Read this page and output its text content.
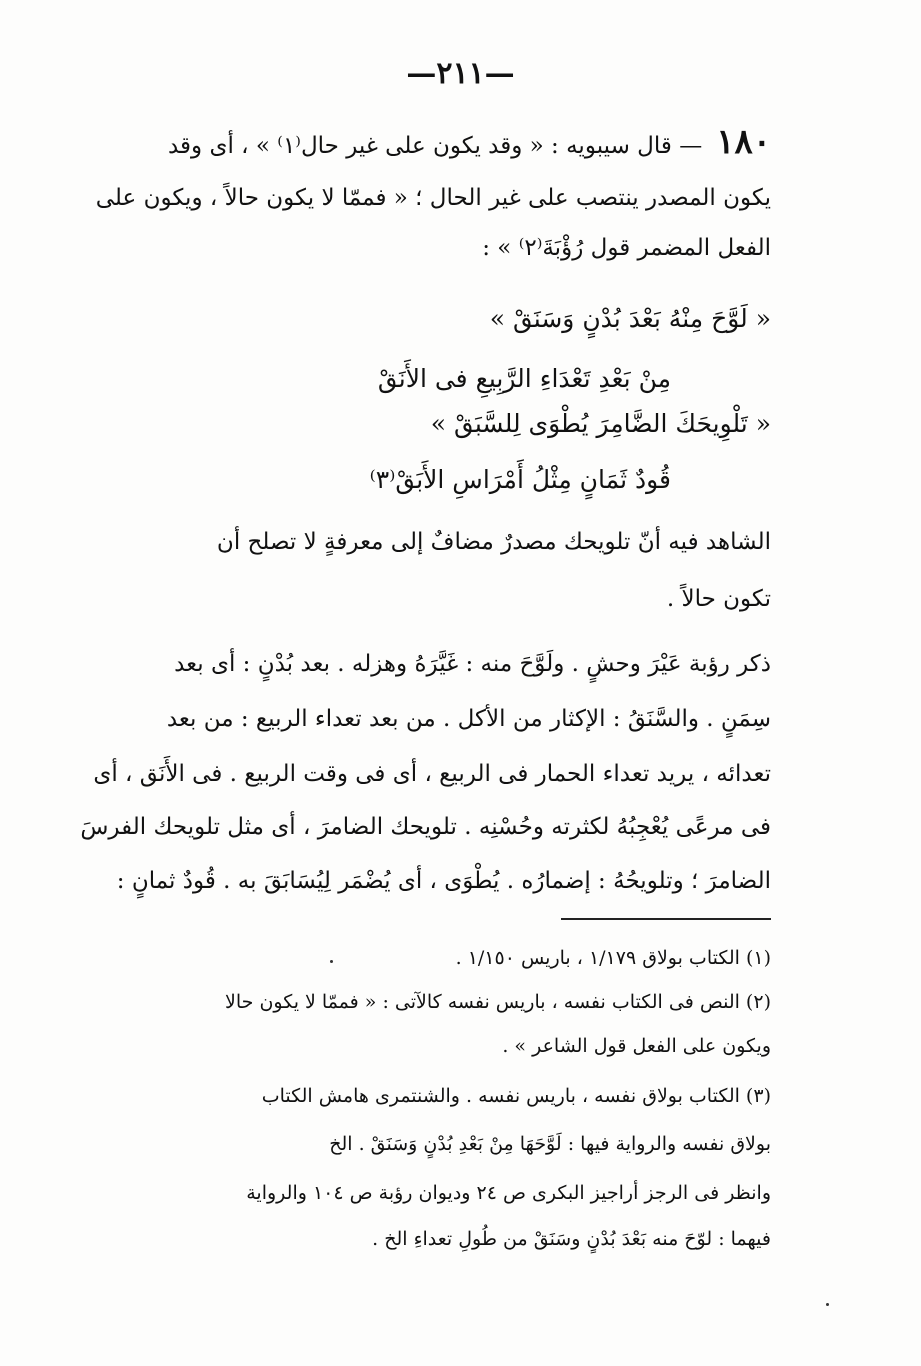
—٢١١—
١٨٠— قال سيبويه : « وقد يكون على غير حال⁽١⁾ » ، أى وقد
يكون المصدر ينتصب على غير الحال ؛ « فممّا لا يكون حالاً ، ويكون على
الفعل المضمر قول رُؤْبَةَ⁽٢⁾ » :
« لَوَّحَ مِنْهُ بَعْدَ بُدْنٍ وَسَنَقْ »
مِنْ بَعْدِ تَعْدَاءِ الرَّبِيعِ فى الأَنَقْ
« تَلْوِيحَكَ الضَّامِرَ يُطْوَى لِلسَّبَقْ »
قُودٌ ثَمَانٍ مِثْلُ أَمْرَاسِ الأَبَقْ⁽٣⁾
الشاهد فيه أنّ تلويحك مصدرٌ مضافٌ إلى معرفةٍ لا تصلح أن
تكون حالاً .
ذكر رؤبة عَيْرَ وحشٍ . ولَوَّحَ منه : غَيَّرَهُ وهزله . بعد بُدْنٍ : أى بعد
سِمَنٍ . والسَّنَقُ : الإكثار من الأكل . من بعد تعداء الربيع : من بعد
تعدائه ، يريد تعداء الحمار فى الربيع ، أى فى وقت الربيع . فى الأَنَق ، أى
فى مرعًى يُعْجِبُهُ لكثرته وحُسْنِه . تلويحك الضامرَ ، أى مثل تلويحك الفرسَ
الضامرَ ؛ وتلويحُهُ : إضمارُه . يُطْوَى ، أى يُضْمَر لِيُسَابَقَ به . قُودٌ ثمانٍ :
(١) الكتاب بولاق ١/١٧٩ ، باريس ١/١٥٠ .
(٢) النص فى الكتاب نفسه ، باريس نفسه كالآتى : « فممّا لا يكون حالا
ويكون على الفعل قول الشاعر » .
(٣) الكتاب بولاق نفسه ، باريس نفسه . والشنتمرى هامش الكتاب
بولاق نفسه والرواية فيها : لَوَّحَهَا مِنْ بَعْدِ بُدْنٍ وَسَنَقْ . الخ
وانظر فى الرجز أراجيز البكرى ص ٢٤ وديوان رؤبة ص ١٠٤ والرواية
فيهما : لوّحَ منه بَعْدَ بُدْنٍ وسَنَقْ من طُولِ تعداءِ الخ .
